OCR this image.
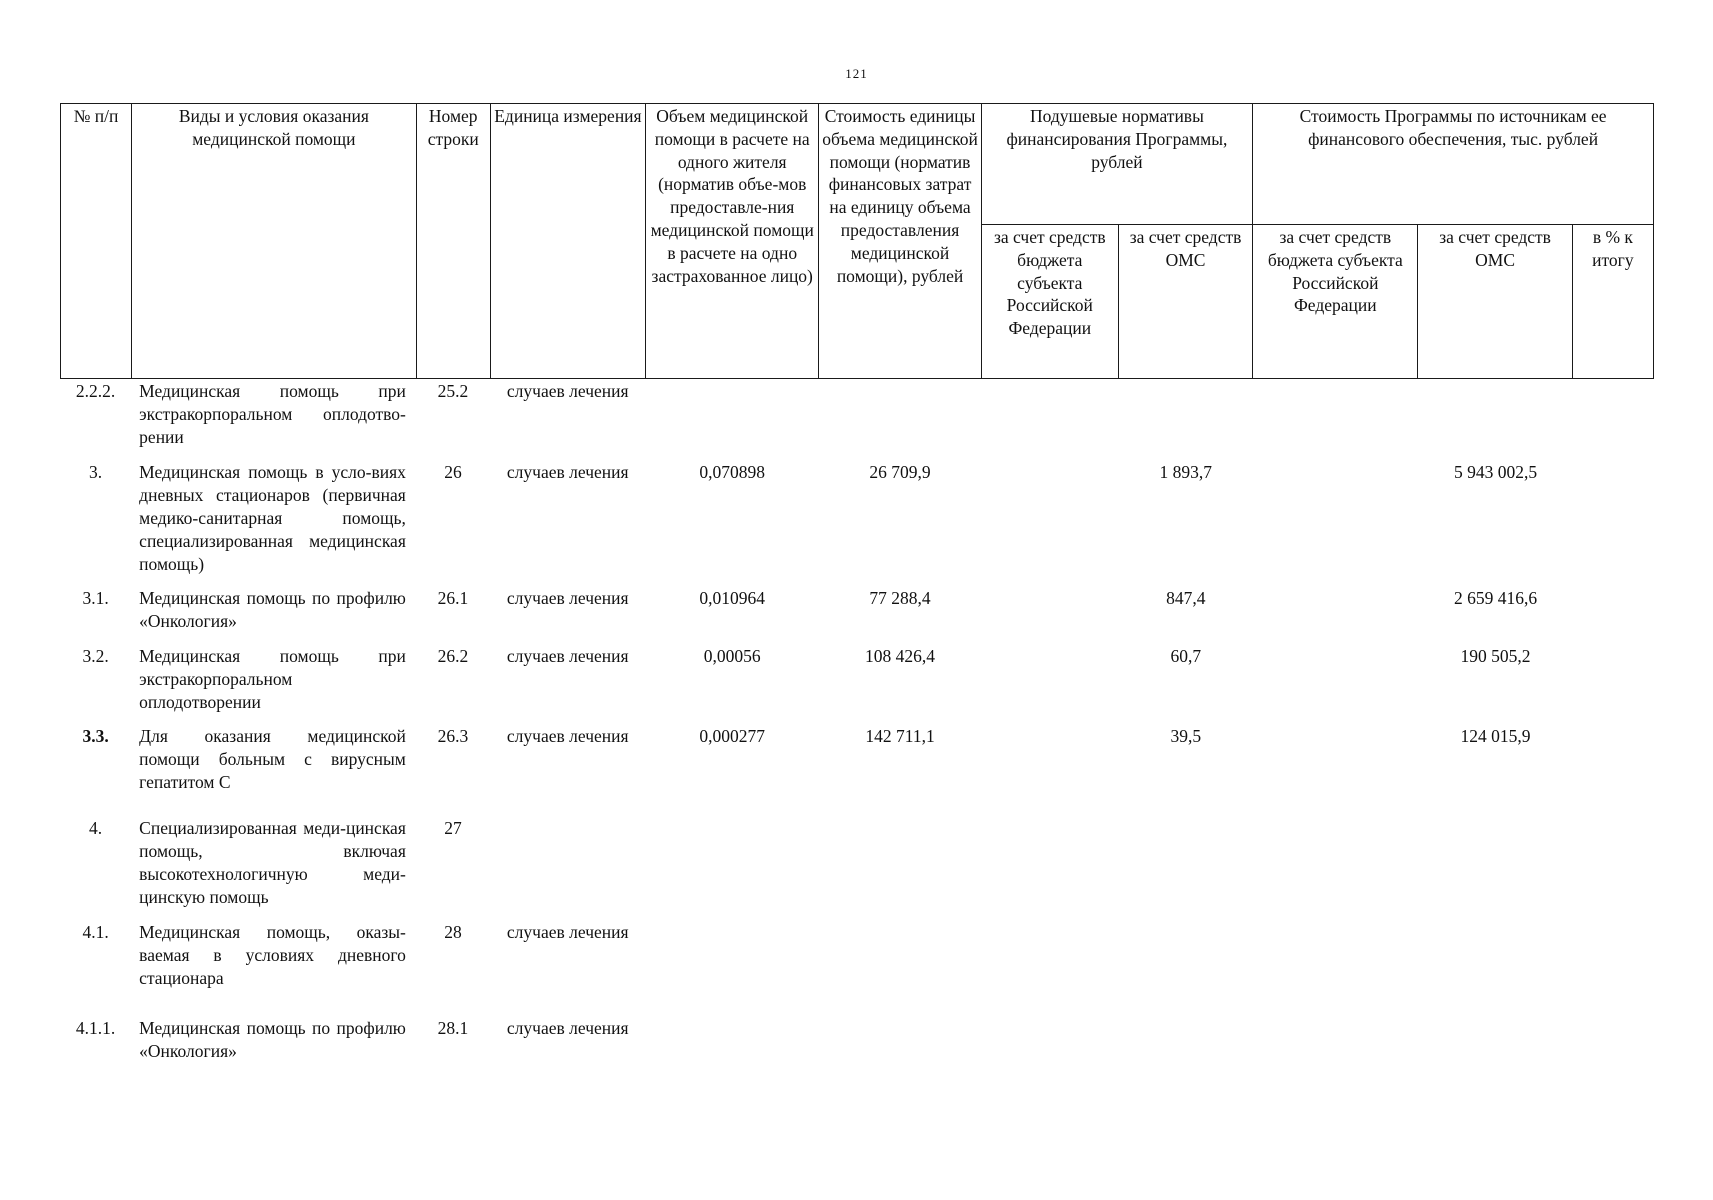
121
№ п/п	Виды и условия оказания медицинской помощи	Номер строки	Единица измерения	Объем медицинской помощи в расчете на одного жителя (норматив объе-мов предоставле-ния медицинской помощи в расчете на одно застрахованное лицо)	Стоимость единицы объема медицинской помощи (норматив финансовых затрат на единицу объема предоставления медицинской помощи), рублей	Подушевые нормативы финансирования Программы, рублей		Стоимость Программы по источникам ее финансового обеспечения, тыс. рублей		
						за счет средств бюджета субъекта Российской Федерации	за счет средств ОМС	за счет средств бюджета субъекта Российской Федерации	за счет средств ОМС	в % к итогу
2.2.2.	Медицинская помощь при экстракорпоральном оплодотво-рении	25.2	случаев лечения							
3.	Медицинская помощь в усло-виях дневных стационаров (первичная медико-санитарная помощь, специализированная медицинская помощь)	26	случаев лечения	0,070898	26 709,9		1 893,7		5 943 002,5	
3.1.	Медицинская помощь по профилю «Онкология»	26.1	случаев лечения	0,010964	77 288,4		847,4		2 659 416,6	
3.2.	Медицинская помощь при экстракорпоральном оплодотворении	26.2	случаев лечения	0,00056	108 426,4		60,7		190 505,2	
3.3.	Для оказания медицинской помощи больным с вирусным гепатитом С	26.3	случаев лечения	0,000277	142 711,1		39,5		124 015,9	
4.	Специализированная меди-цинская помощь, включая высокотехнологичную меди-цинскую помощь	27								
4.1.	Медицинская помощь, оказы-ваемая в условиях дневного стационара	28	случаев лечения							
4.1.1.	Медицинская помощь по профилю «Онкология»	28.1	случаев лечения							
